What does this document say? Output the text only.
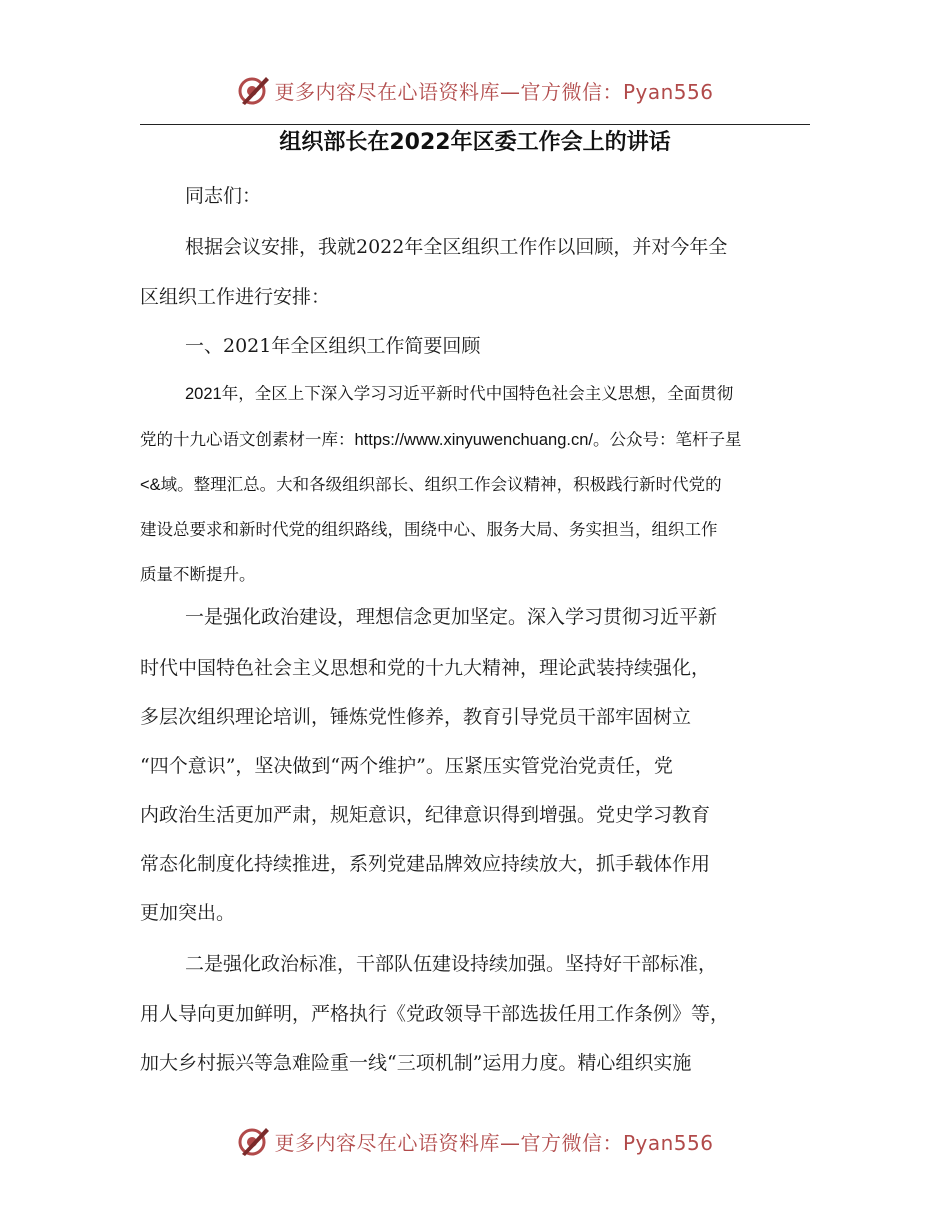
更多内容尽在心语资料库—官方微信：Pyan556
组织部长在2022年区委工作会上的讲话
同志们：
根据会议安排，我就2022年全区组织工作作以回顾，并对今年全
区组织工作进行安排：
一、2021年全区组织工作简要回顾
2021年，全区上下深入学习习近平新时代中国特色社会主义思想，全面贯彻
党的十九心语文创素材一库：https://www.xinyuwenchuang.cn/。公众号：笔杆子星
<&域。整理汇总。大和各级组织部长、组织工作会议精神，积极践行新时代党的
建设总要求和新时代党的组织路线，围绕中心、服务大局、务实担当，组织工作
质量不断提升。
一是强化政治建设，理想信念更加坚定。深入学习贯彻习近平新
时代中国特色社会主义思想和党的十九大精神，理论武装持续强化，
多层次组织理论培训，锤炼党性修养，教育引导党员干部牢固树立
“四个意识”，坚决做到“两个维护”。压紧压实管党治党责任，党
内政治生活更加严肃，规矩意识，纪律意识得到增强。党史学习教育
常态化制度化持续推进，系列党建品牌效应持续放大，抓手载体作用
更加突出。
二是强化政治标准，干部队伍建设持续加强。坚持好干部标准，
用人导向更加鲜明，严格执行《党政领导干部选拔任用工作条例》等，
加大乡村振兴等急难险重一线“三项机制”运用力度。精心组织实施
更多内容尽在心语资料库—官方微信：Pyan556
